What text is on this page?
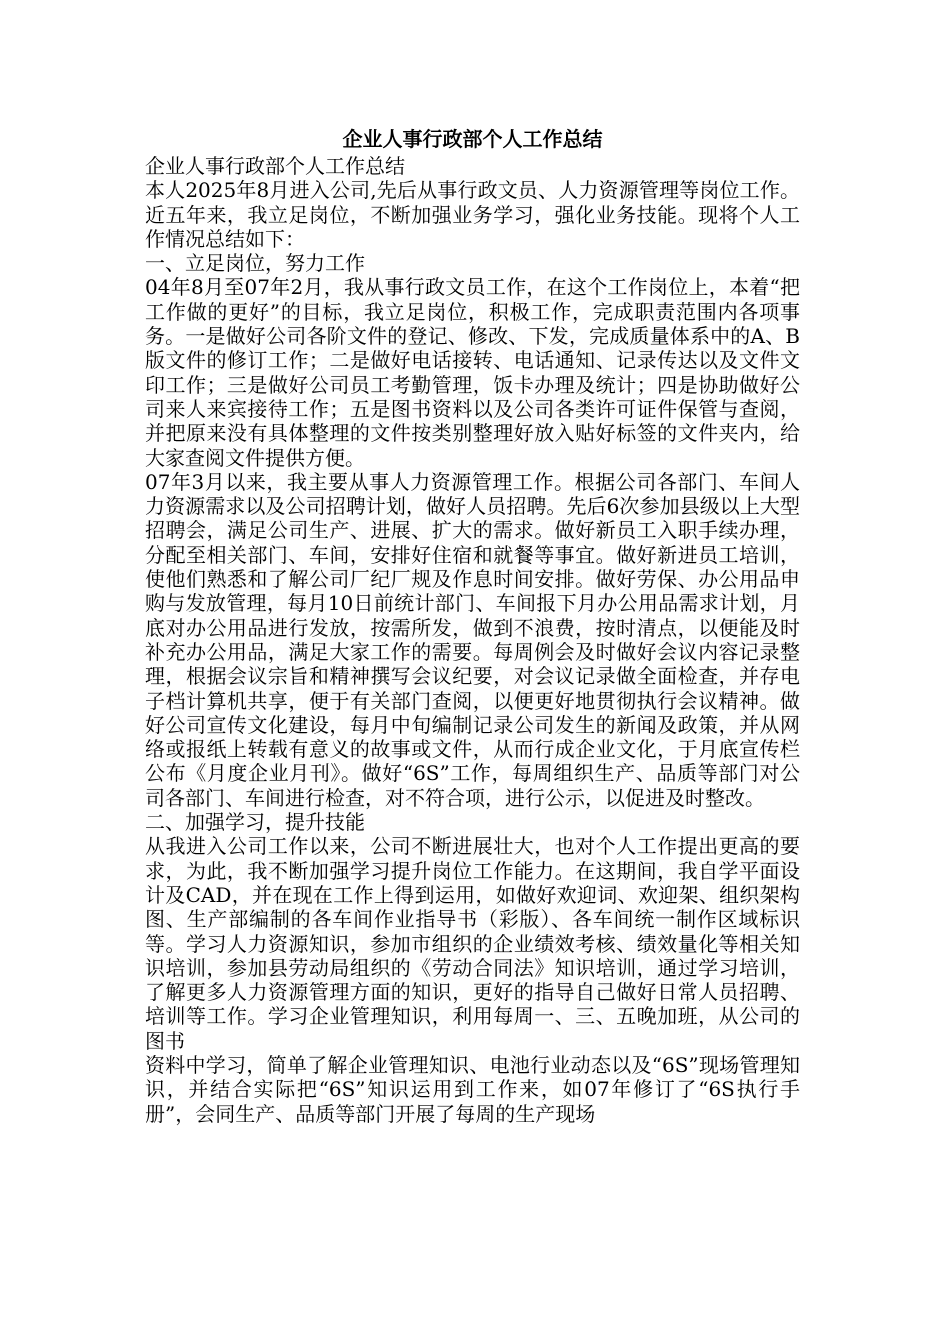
企业人事行政部个人工作总结

企业人事行政部个人工作总结

本人2025年8月进入公司,先后从事行政文员、人力资源管理等岗位工作。近五年来，我立足岗位，不断加强业务学习，强化业务技能。现将个人工作情况总结如下：

一、立足岗位，努力工作

04年8月至07年2月，我从事行政文员工作，在这个工作岗位上，本着“把工作做的更好”的目标，我立足岗位，积极工作，完成职责范围内各项事务。一是做好公司各阶文件的登记、修改、下发，完成质量体系中的A、B版文件的修订工作；二是做好电话接转、电话通知、记录传达以及文件文印工作；三是做好公司员工考勤管理，饭卡办理及统计；四是协助做好公司来人来宾接待工作；五是图书资料以及公司各类许可证件保管与查阅，并把原来没有具体整理的文件按类别整理好放入贴好标签的文件夹内，给大家查阅文件提供方便。

07年3月以来，我主要从事人力资源管理工作。根据公司各部门、车间人力资源需求以及公司招聘计划，做好人员招聘。先后6次参加县级以上大型招聘会，满足公司生产、进展、扩大的需求。做好新员工入职手续办理，分配至相关部门、车间，安排好住宿和就餐等事宜。做好新进员工培训，使他们熟悉和了解公司厂纪厂规及作息时间安排。做好劳保、办公用品申购与发放管理，每月10日前统计部门、车间报下月办公用品需求计划，月底对办公用品进行发放，按需所发，做到不浪费，按时清点，以便能及时补充办公用品，满足大家工作的需要。每周例会及时做好会议内容记录整理，根据会议宗旨和精神撰写会议纪要，对会议记录做全面检查，并存电子档计算机共享，便于有关部门查阅，以便更好地贯彻执行会议精神。做好公司宣传文化建设，每月中旬编制记录公司发生的新闻及政策，并从网络或报纸上转载有意义的故事或文件，从而行成企业文化，于月底宣传栏公布《月度企业月刊》。做好“6S”工作，每周组织生产、品质等部门对公司各部门、车间进行检查，对不符合项，进行公示，以促进及时整改。

二、加强学习，提升技能

从我进入公司工作以来，公司不断进展壮大，也对个人工作提出更高的要求，为此，我不断加强学习提升岗位工作能力。在这期间，我自学平面设计及CAD，并在现在工作上得到运用，如做好欢迎词、欢迎架、组织架构图、生产部编制的各车间作业指导书（彩版）、各车间统一制作区域标识等。学习人力资源知识，参加市组织的企业绩效考核、绩效量化等相关知识培训，参加县劳动局组织的《劳动合同法》知识培训，通过学习培训，了解更多人力资源管理方面的知识，更好的指导自己做好日常人员招聘、培训等工作。学习企业管理知识，利用每周一、三、五晚加班，从公司的图书

资料中学习，简单了解企业管理知识、电池行业动态以及“6S”现场管理知识，并结合实际把“6S”知识运用到工作来，如07年修订了“6S执行手册”，会同生产、品质等部门开展了每周的生产现场
